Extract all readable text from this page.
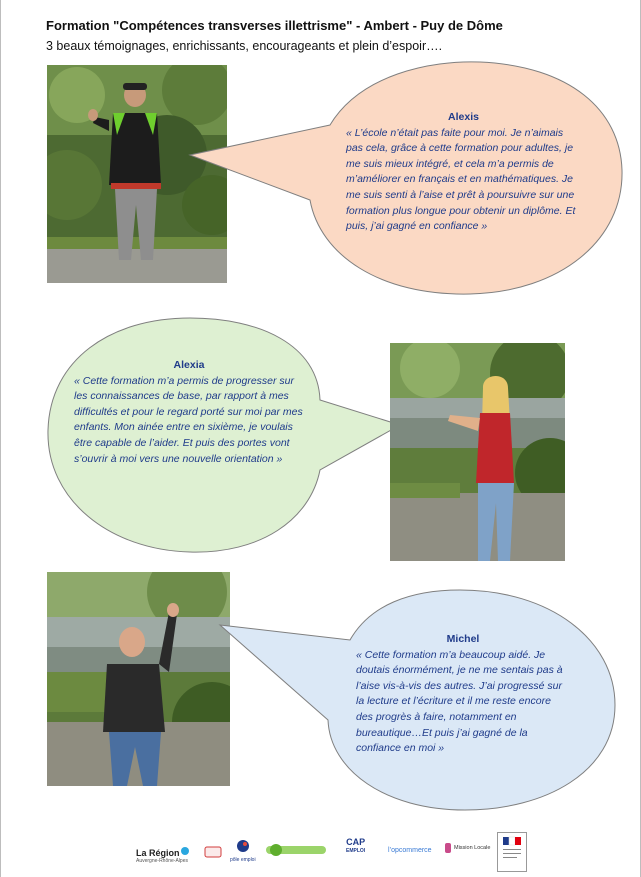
Formation "Compétences transverses illettrisme" - Ambert - Puy de Dôme
3 beaux témoignages, enrichissants, encourageants et plein d’espoir….
Alexis
« L’école n’était pas faite pour moi. Je n’aimais pas cela, grâce à cette formation pour adultes, je me suis mieux intégré, et cela m’a permis de m’améliorer en français et en mathématiques. Je me suis senti à l’aise et prêt à poursuivre sur une formation plus longue pour obtenir un diplôme. Et puis, j’ai gagné en confiance »
Alexia
« Cette formation m’a permis de progresser sur les connaissances de base, par rapport à mes difficultés et pour le regard porté sur moi par mes enfants. Mon ainée entre en sixième, je voulais être capable de l’aider. Et puis des portes vont s’ouvrir à moi vers une nouvelle orientation »
Michel
« Cette formation m’a beaucoup aidé. Je doutais énormément, je ne me sentais pas à l’aise vis-à-vis des autres. J’ai progressé sur la lecture et l’écriture et il me reste encore des progrès à faire, notamment en bureautique…Et puis j’ai gagné de la confiance en moi »
La Région
Auvergne-Rhône-Alpes	pôle emploi
CAP
EMPLOI	l’opcommerce	Mission Locale
